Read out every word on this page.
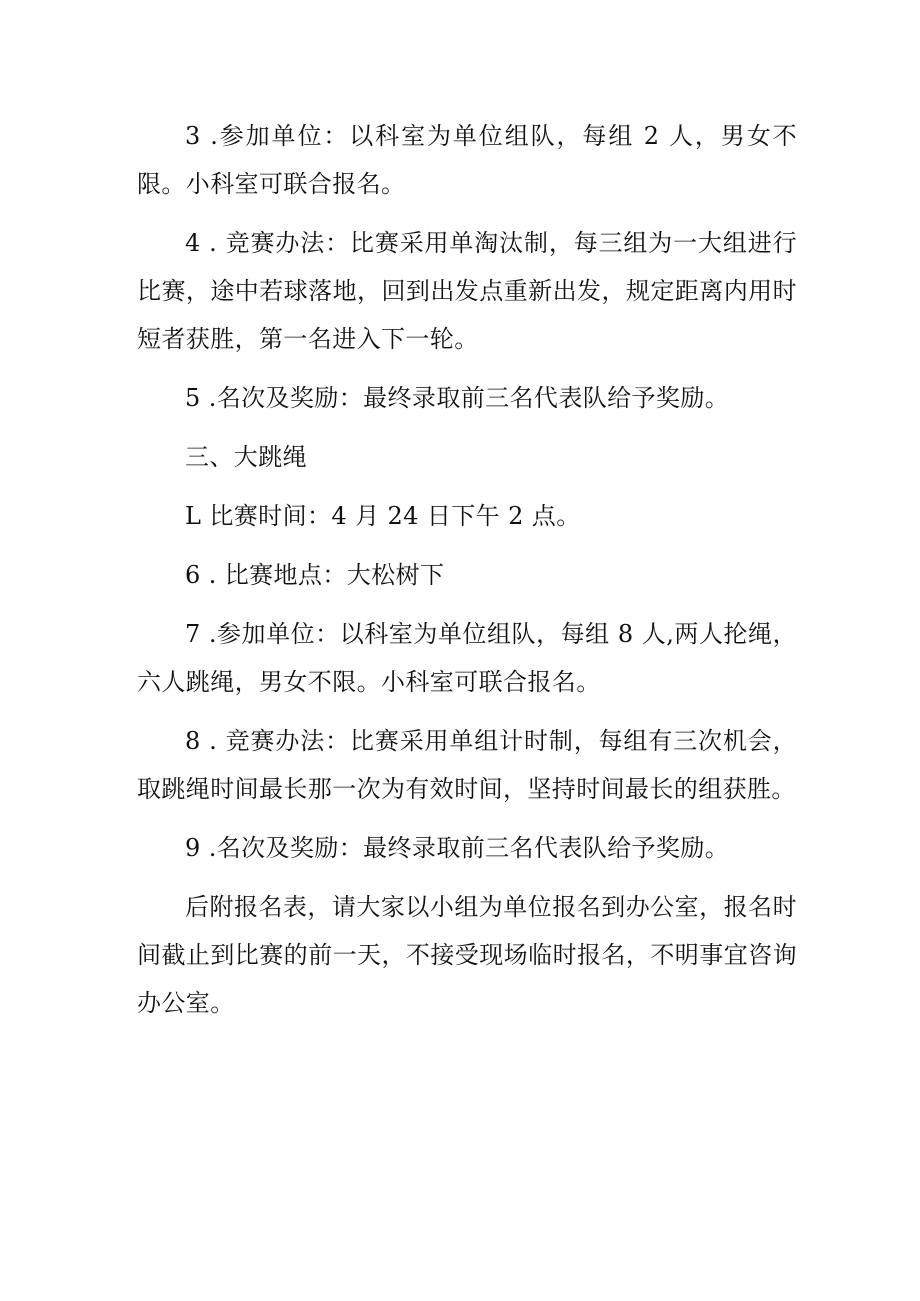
3 .参加单位：以科室为单位组队，每组 2 人，男女不限。小科室可联合报名。

4 . 竞赛办法：比赛采用单淘汰制，每三组为一大组进行比赛，途中若球落地，回到出发点重新出发，规定距离内用时短者获胜，第一名进入下一轮。

5 .名次及奖励：最终录取前三名代表队给予奖励。

三、大跳绳

L 比赛时间：4 月 24 日下午 2 点。

6 . 比赛地点：大松树下

7 .参加单位：以科室为单位组队，每组 8 人,两人抡绳，六人跳绳，男女不限。小科室可联合报名。

8 . 竞赛办法：比赛采用单组计时制，每组有三次机会，取跳绳时间最长那一次为有效时间，坚持时间最长的组获胜。

9 .名次及奖励：最终录取前三名代表队给予奖励。

后附报名表，请大家以小组为单位报名到办公室，报名时间截止到比赛的前一天，不接受现场临时报名，不明事宜咨询办公室。
